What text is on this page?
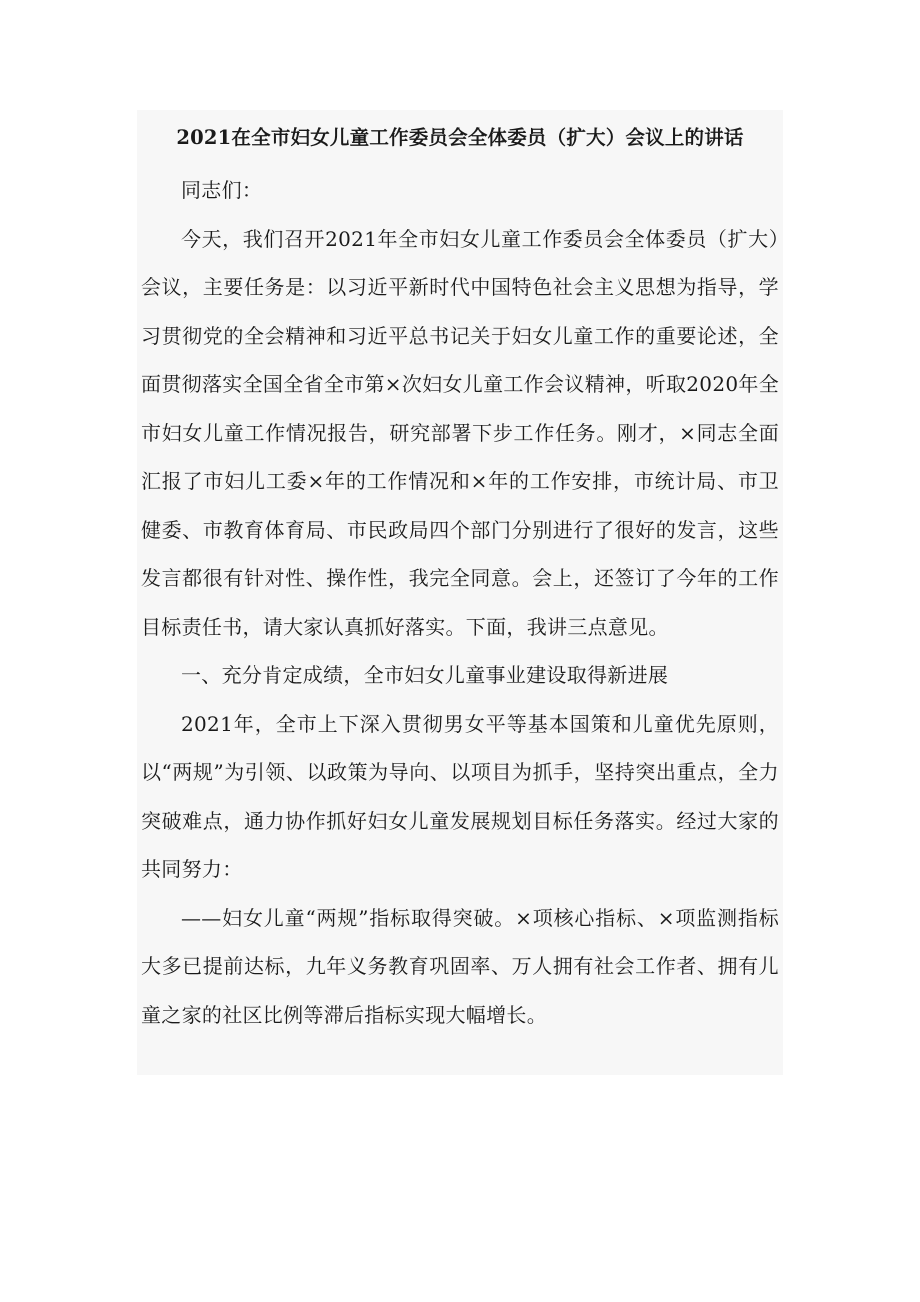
2021在全市妇女儿童工作委员会全体委员（扩大）会议上的讲话

同志们：

今天，我们召开2021年全市妇女儿童工作委员会全体委员（扩大）会议，主要任务是：以习近平新时代中国特色社会主义思想为指导，学习贯彻党的全会精神和习近平总书记关于妇女儿童工作的重要论述，全面贯彻落实全国全省全市第×次妇女儿童工作会议精神，听取2020年全市妇女儿童工作情况报告，研究部署下步工作任务。刚才，×同志全面汇报了市妇儿工委×年的工作情况和×年的工作安排，市统计局、市卫健委、市教育体育局、市民政局四个部门分别进行了很好的发言，这些发言都很有针对性、操作性，我完全同意。会上，还签订了今年的工作目标责任书，请大家认真抓好落实。下面，我讲三点意见。

一、充分肯定成绩，全市妇女儿童事业建设取得新进展

2021年，全市上下深入贯彻男女平等基本国策和儿童优先原则，以“两规”为引领、以政策为导向、以项目为抓手，坚持突出重点，全力突破难点，通力协作抓好妇女儿童发展规划目标任务落实。经过大家的共同努力：

——妇女儿童“两规”指标取得突破。×项核心指标、×项监测指标大多已提前达标，九年义务教育巩固率、万人拥有社会工作者、拥有儿童之家的社区比例等滞后指标实现大幅增长。
